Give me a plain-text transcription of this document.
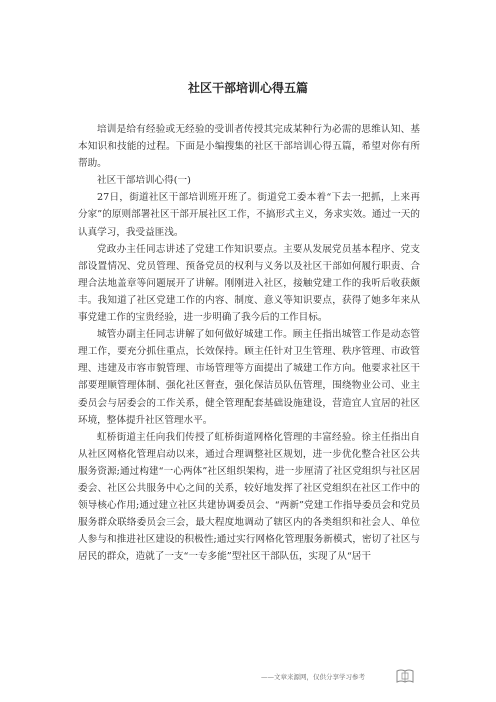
社区干部培训心得五篇

培训是给有经验或无经验的受训者传授其完成某种行为必需的思维认知、基本知识和技能的过程。下面是小编搜集的社区干部培训心得五篇，希望对你有所帮助。

社区干部培训心得(一)

27日，街道社区干部培训班开班了。街道党工委本着“下去一把抓，上来再分家”的原则部署社区干部开展社区工作，不搞形式主义，务求实效。通过一天的认真学习，我受益匪浅。

党政办主任同志讲述了党建工作知识要点。主要从发展党员基本程序、党支部设置情况、党员管理、预备党员的权利与义务以及社区干部如何履行职责、合理合法地盖章等问题展开了讲解。刚刚进入社区，接触党建工作的我听后收获颇丰。我知道了社区党建工作的内容、制度、意义等知识要点，获得了她多年来从事党建工作的宝贵经验，进一步明确了我今后的工作目标。

城管办副主任同志讲解了如何做好城建工作。顾主任指出城管工作是动态管理工作，要充分抓住重点，长效保持。顾主任针对卫生管理、秩序管理、市政管理、违建及市容市貌管理、市场管理等方面提出了城建工作方向。他要求社区干部要理顺管理体制、强化社区督查，强化保洁员队伍管理，围绕物业公司、业主委员会与居委会的工作关系，健全管理配套基础设施建设，营造宜人宜居的社区环境，整体提升社区管理水平。

虹桥街道主任向我们传授了虹桥街道网格化管理的丰富经验。徐主任指出自从社区网格化管理启动以来，通过合理调整社区规划，进一步优化整合社区公共服务资源;通过构建“一心两体”社区组织架构，进一步厘清了社区党组织与社区居委会、社区公共服务中心之间的关系，较好地发挥了社区党组织在社区工作中的领导核心作用;通过建立社区共建协调委员会、“两新”党建工作指导委员会和党员服务群众联络委员会三会，最大程度地调动了辖区内的各类组织和社会人、单位人参与和推进社区建设的积极性;通过实行网格化管理服务新模式，密切了社区与居民的群众，造就了一支“一专多能”型社区干部队伍，实现了从“居干

——文章来源网，仅供分享学习参考
